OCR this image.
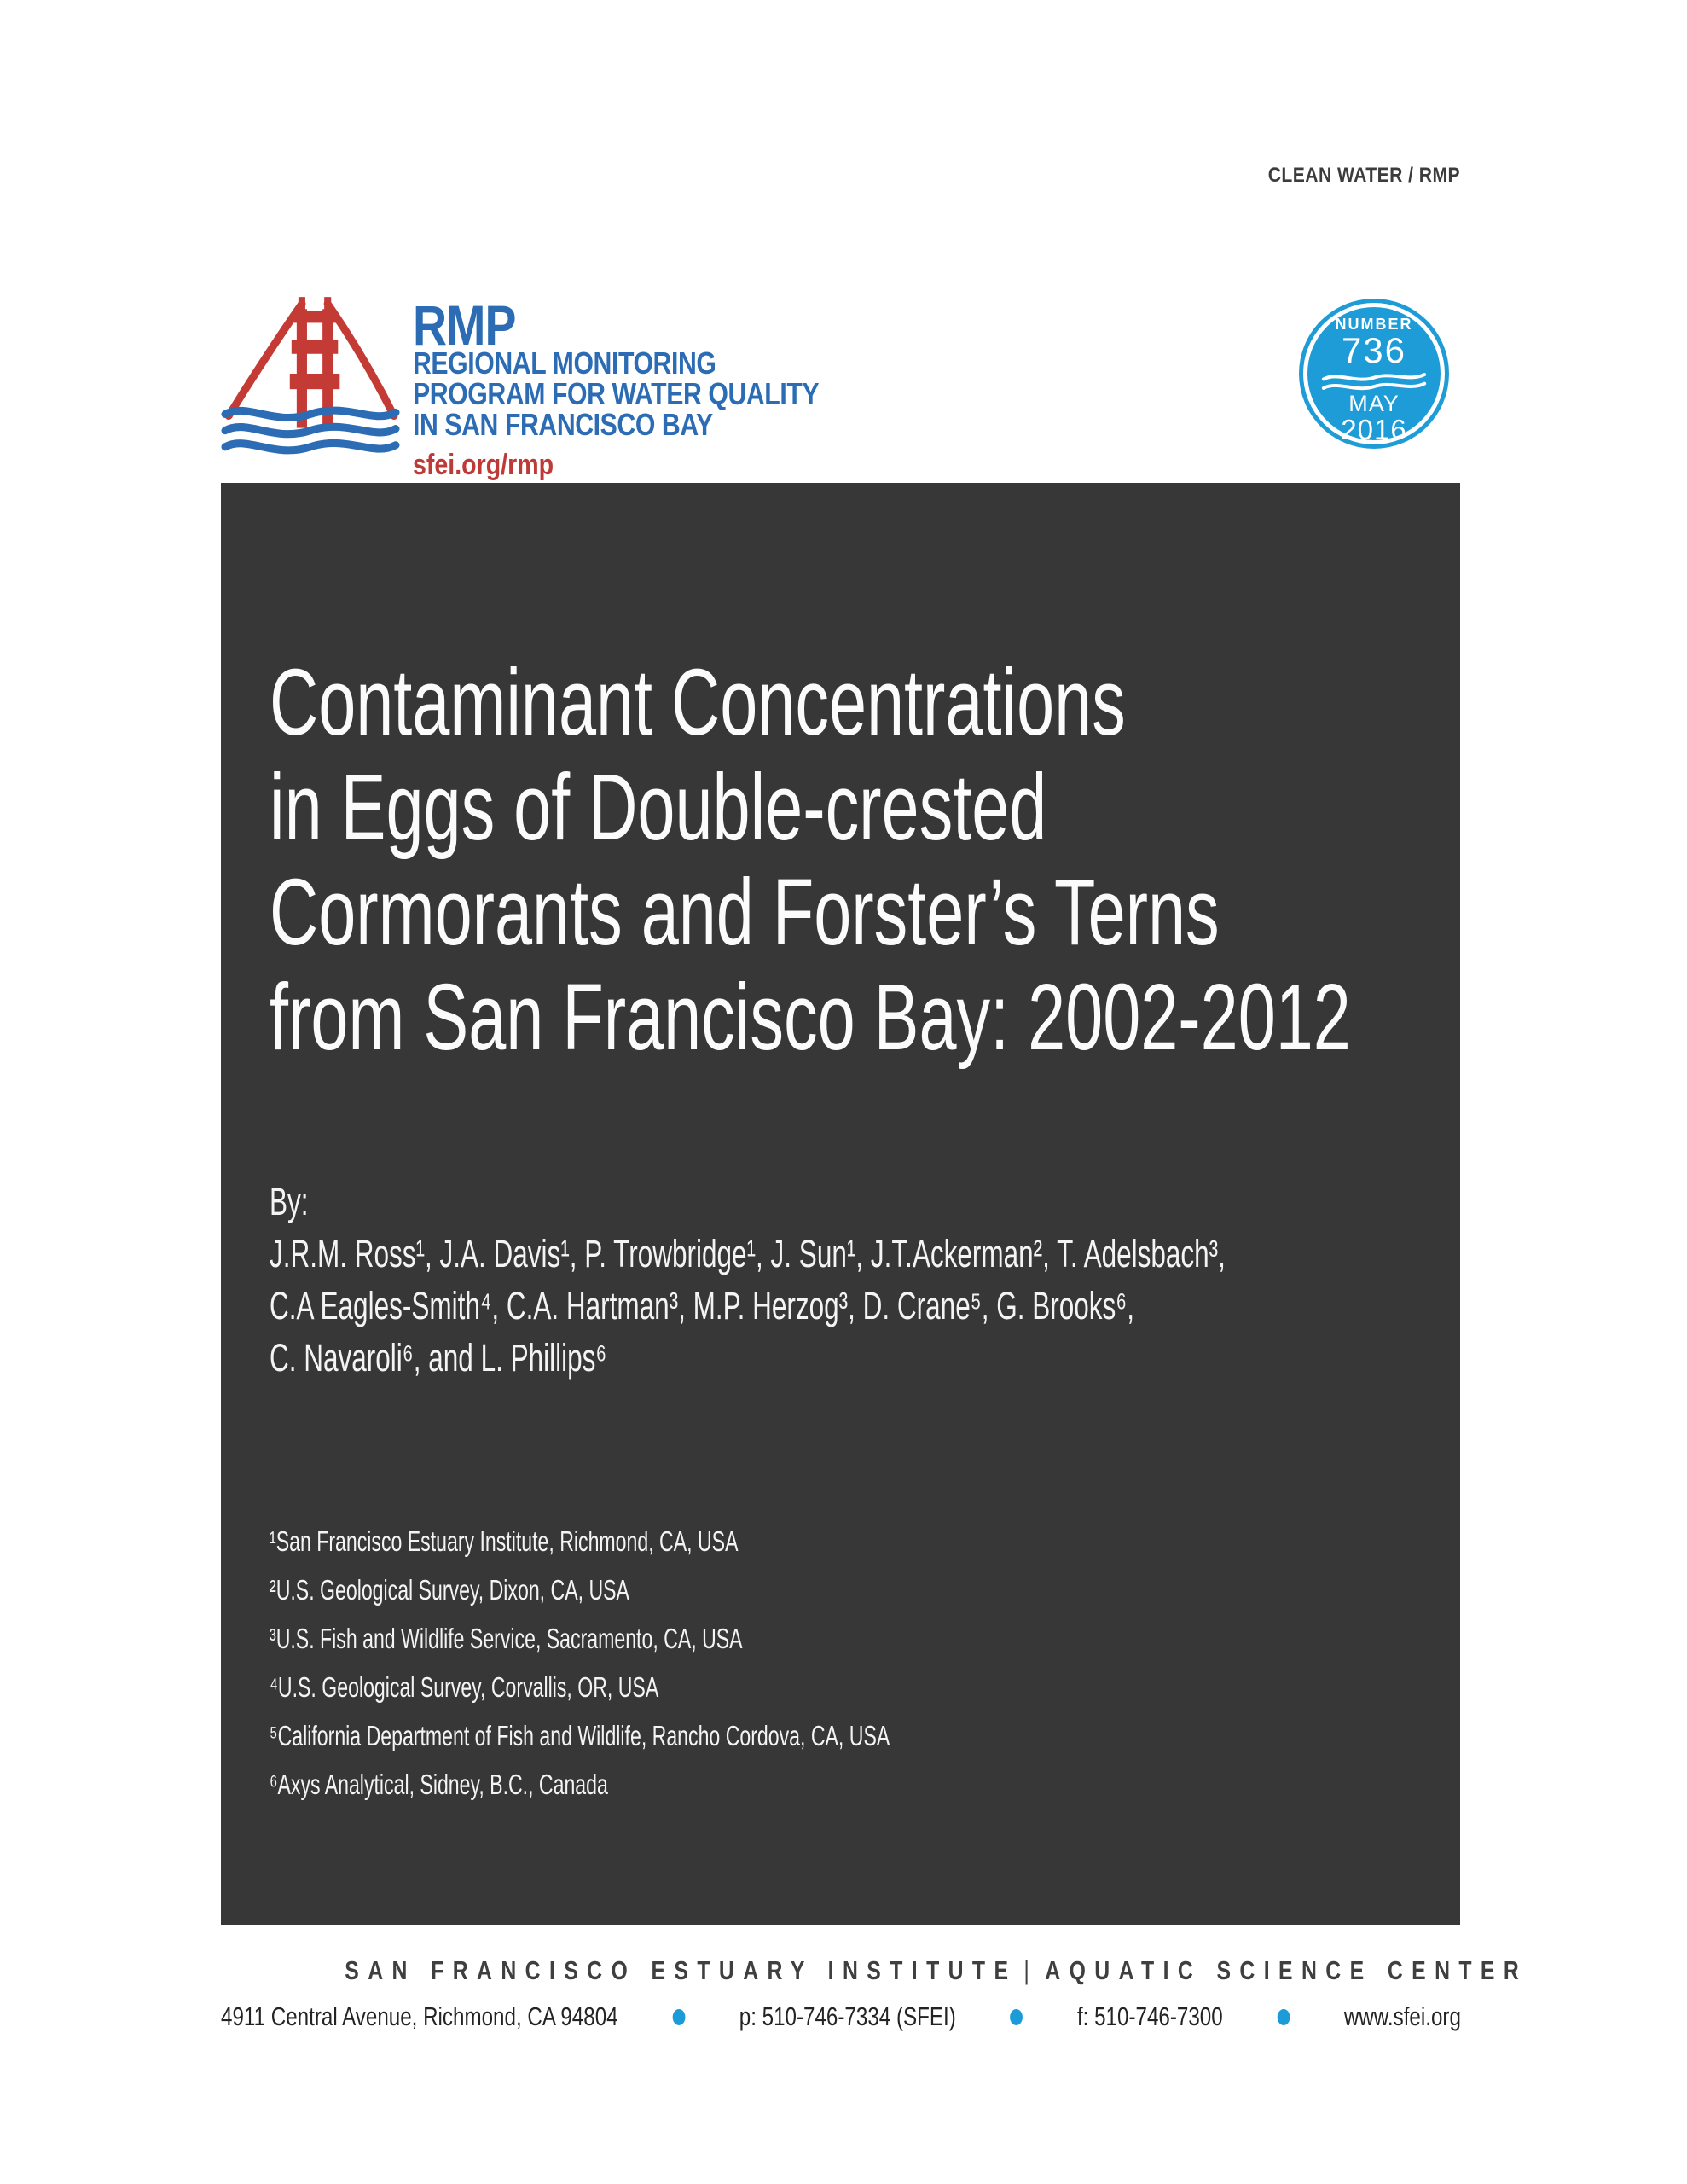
CLEAN WATER / RMP
RMP
REGIONAL MONITORING
PROGRAM FOR WATER QUALITY
IN SAN FRANCISCO BAY
sfei.org/rmp
NUMBER
736
MAY
2016
Contaminant Concentrations
in Eggs of Double-crested
Cormorants and Forster’s Terns
from San Francisco Bay: 2002-2012
By:
J.R.M. Ross¹, J.A. Davis¹, P. Trowbridge¹, J. Sun¹, J.T.Ackerman², T. Adelsbach³,
C.A Eagles-Smith⁴, C.A. Hartman³, M.P. Herzog³, D. Crane⁵, G. Brooks⁶,
C. Navaroli⁶, and L. Phillips⁶
¹San Francisco Estuary Institute, Richmond, CA, USA
²U.S. Geological Survey, Dixon, CA, USA
³U.S. Fish and Wildlife Service, Sacramento, CA, USA
⁴U.S. Geological Survey, Corvallis, OR, USA
⁵California Department of Fish and Wildlife, Rancho Cordova, CA, USA
⁶Axys Analytical, Sidney, B.C., Canada
SAN FRANCISCO ESTUARY INSTITUTE | AQUATIC SCIENCE CENTER
4911 Central Avenue, Richmond, CA 94804	p: 510-746-7334 (SFEI)	f: 510-746-7300	www.sfei.org
